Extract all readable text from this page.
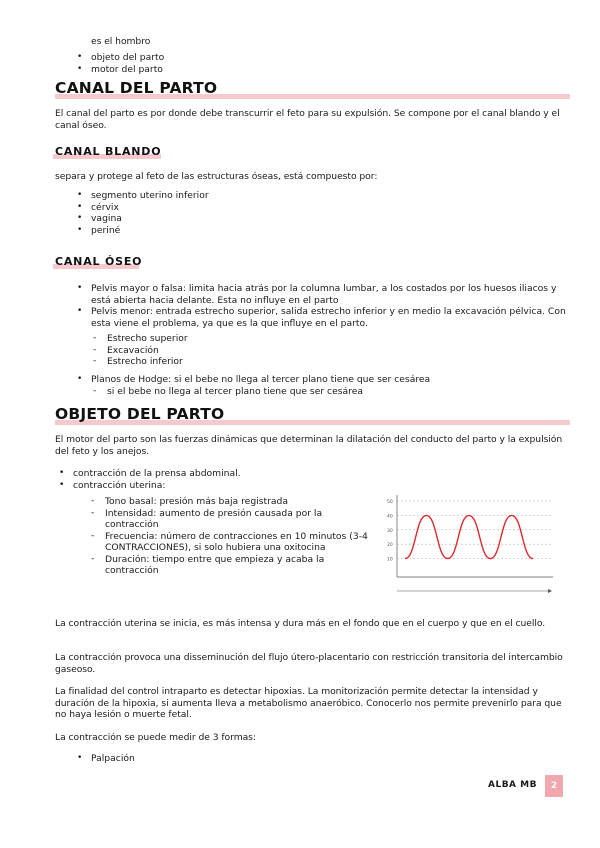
es el hombro
• objeto del parto
• motor del parto
CANAL DEL PARTO
El canal del parto es por donde debe transcurrir el feto para su expulsión. Se compone por el canal blando y el canal óseo.
CANAL BLANDO
separa y protege al feto de las estructuras óseas, está compuesto por:
• segmento uterino inferior
• cérvix
• vagina
• periné
CANAL ÓSEO
• Pelvis mayor o falsa: limita hacia atrás por la columna lumbar, a los costados por los huesos iliacos y está abierta hacia delante. Esta no influye en el parto
• Pelvis menor: entrada estrecho superior, salida estrecho inferior y en medio la excavación pélvica. Con esta viene el problema, ya que es la que influye en el parto.
- Estrecho superior
- Excavación
- Estrecho inferior
• Planos de Hodge: si el bebe no llega al tercer plano tiene que ser cesárea
- si el bebe no llega al tercer plano tiene que ser cesárea
OBJETO DEL PARTO
El motor del parto son las fuerzas dinámicas que determinan la dilatación del conducto del parto y la expulsión del feto y los anejos.
• contracción de la prensa abdominal.
• contracción uterina:
- Tono basal: presión más baja registrada
- Intensidad: aumento de presión causada por la contracción
- Frecuencia: número de contracciones en 10 minutos (3-4 CONTRACCIONES), si solo hubiera una oxitocina
- Duración: tiempo entre que empieza y acaba la contracción
50
40
30
20
10
La contracción uterina se inicia, es más intensa y dura más en el fondo que en el cuerpo y que en el cuello.
La contracción provoca una disseminución del flujo útero-placentario con restricción transitoria del intercambio gaseoso.
La finalidad del control intraparto es detectar hipoxias. La monitorización permite detectar la intensidad y duración de la hipoxia, si aumenta lleva a metabolismo anaeróbico. Conocerlo nos permite prevenirlo para que no haya lesión o muerte fetal.
La contracción se puede medir de 3 formas:
• Palpación
ALBA MB	2
